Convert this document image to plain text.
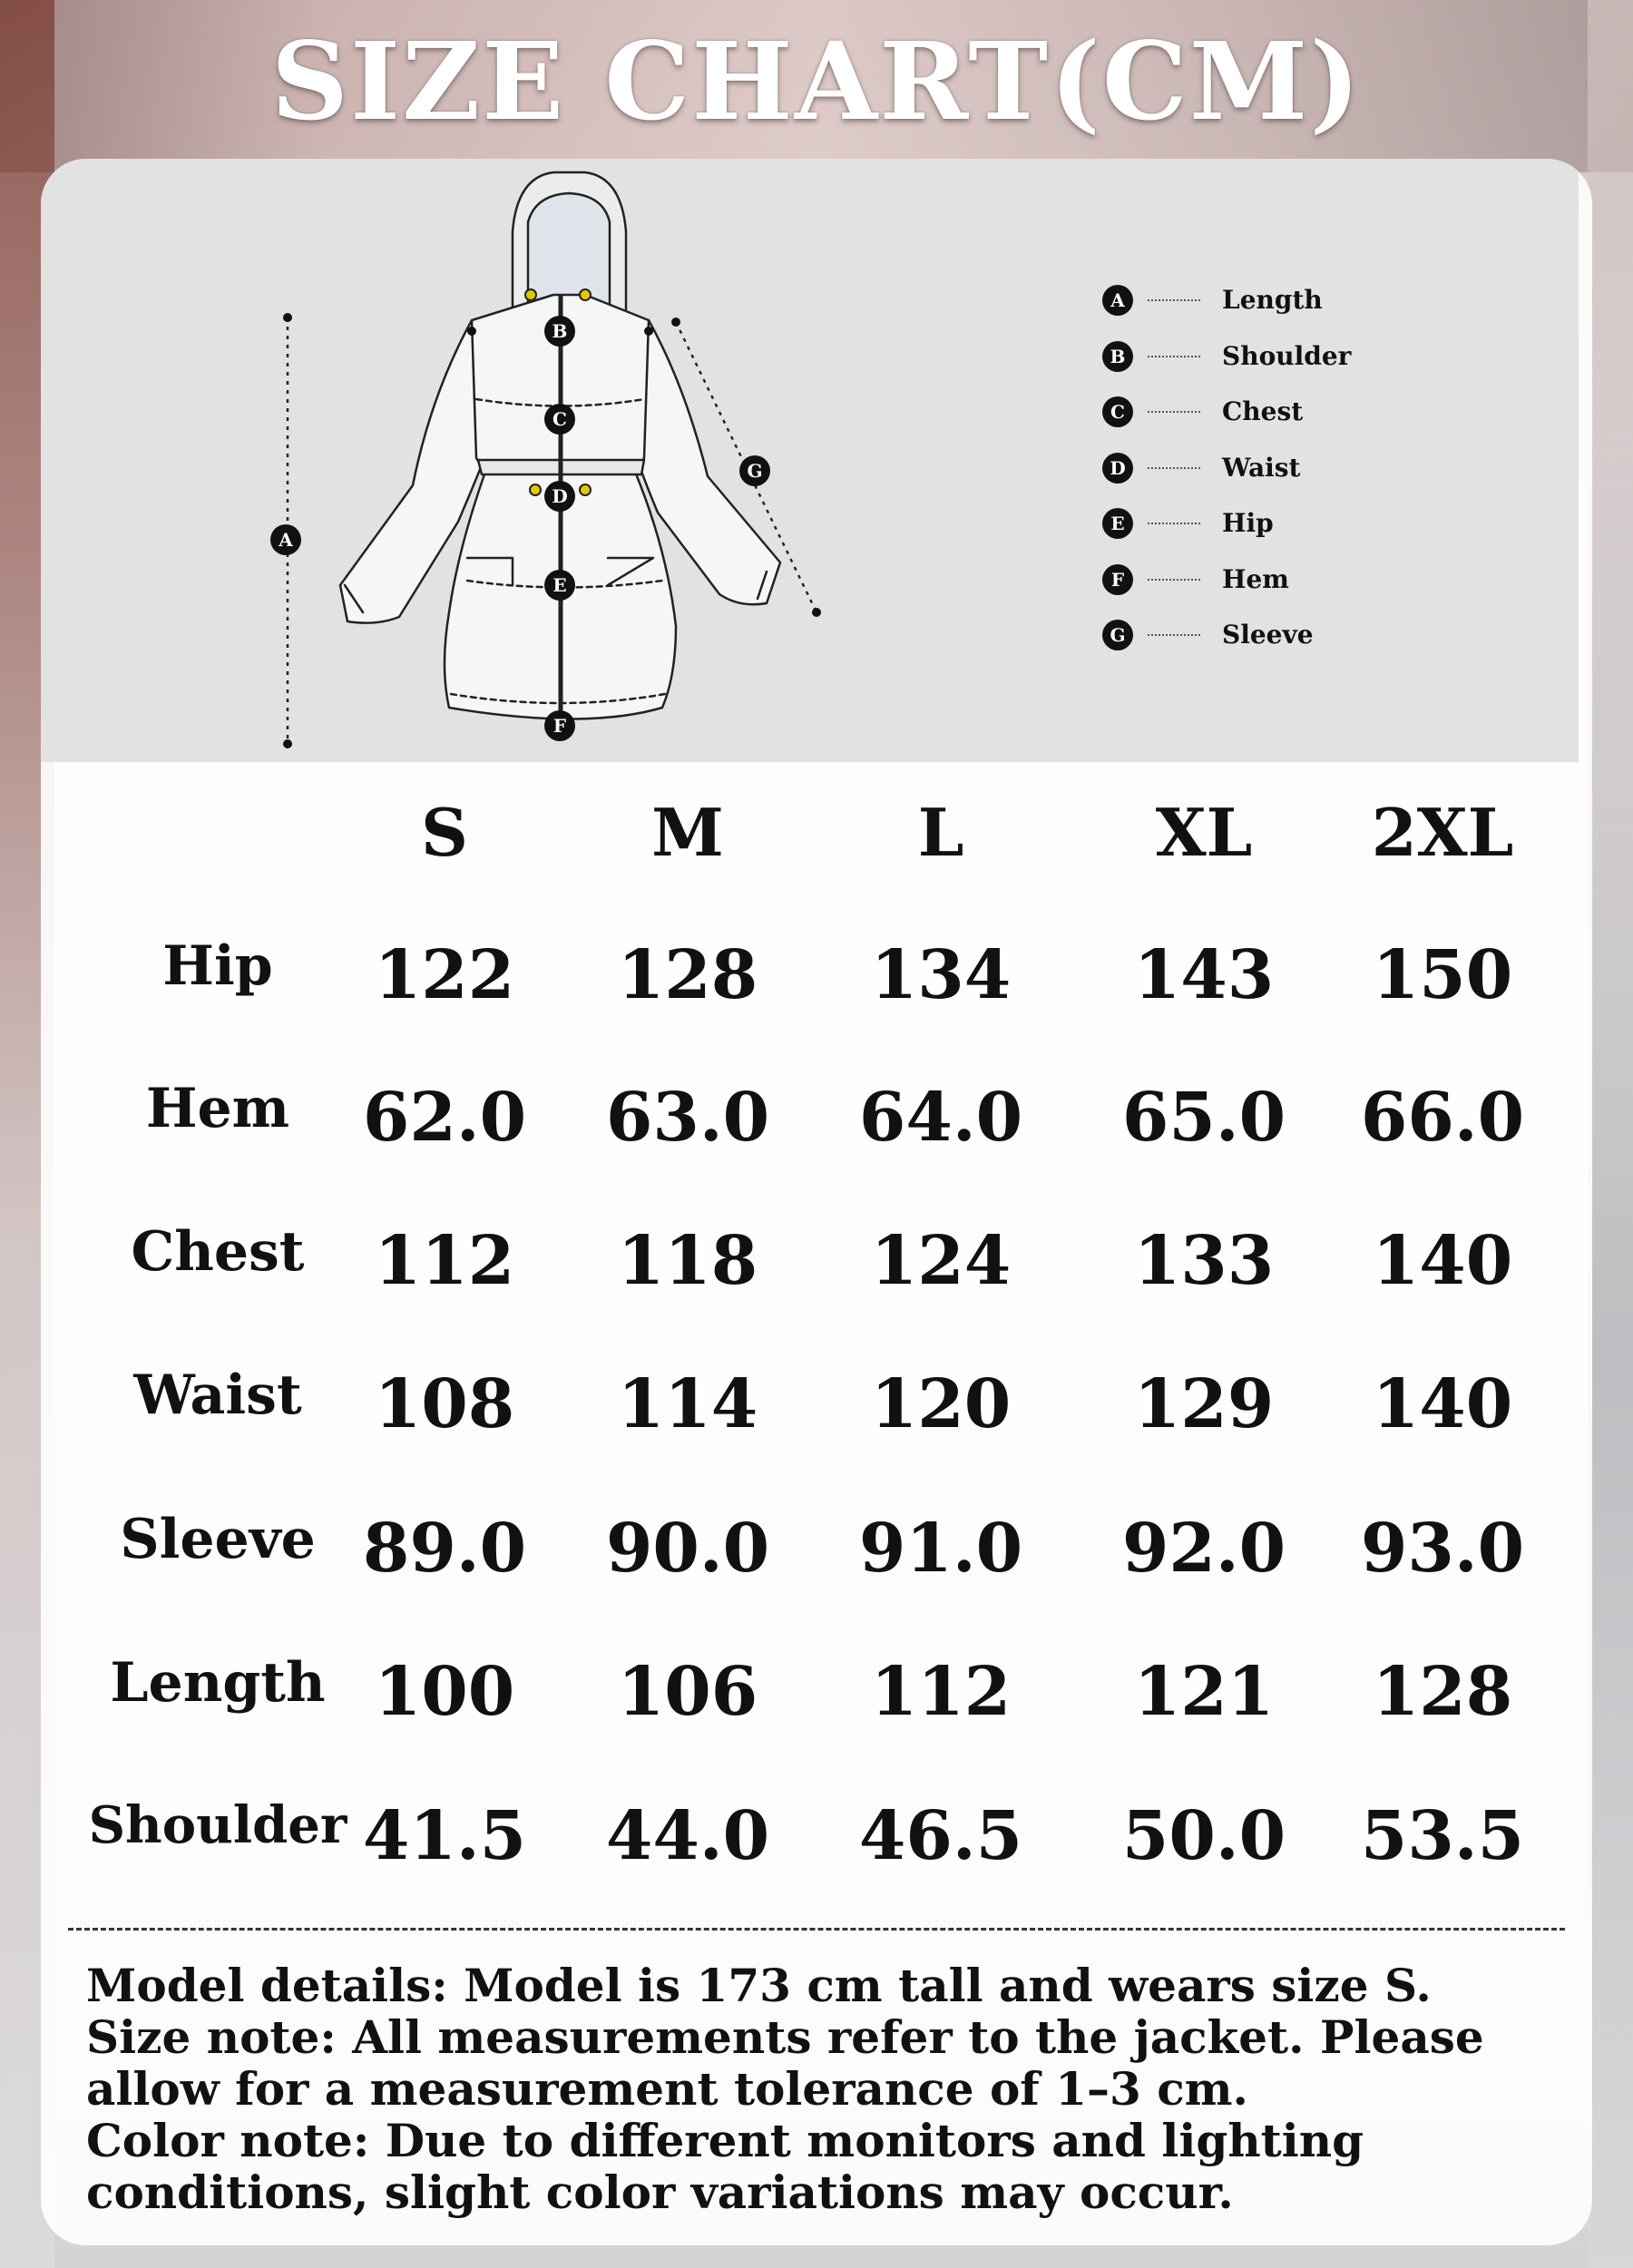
SIZE CHART(CM)
A
B
C
D
E
F
G
A	Length
B	Shoulder
C	Chest
D	Waist
E	Hip
F	Hem
G	Sleeve
S	M	L	XL	2XL
Hip	122	128	134	143	150
Hem	62.0	63.0	64.0	65.0	66.0
Chest	112	118	124	133	140
Waist	108	114	120	129	140
Sleeve 89.0	90.0	91.0	92.0	93.0
Length 100	106	112	121	128
Shoulder 41.5	44.0	46.5	50.0	53.5

Model details: Model is 173 cm tall and wears size S.

Size note: All measurements refer to the jacket. Please allow for a measurement tolerance of 1–3 cm.

Color note: Due to different monitors and lighting conditions, slight color variations may occur.
